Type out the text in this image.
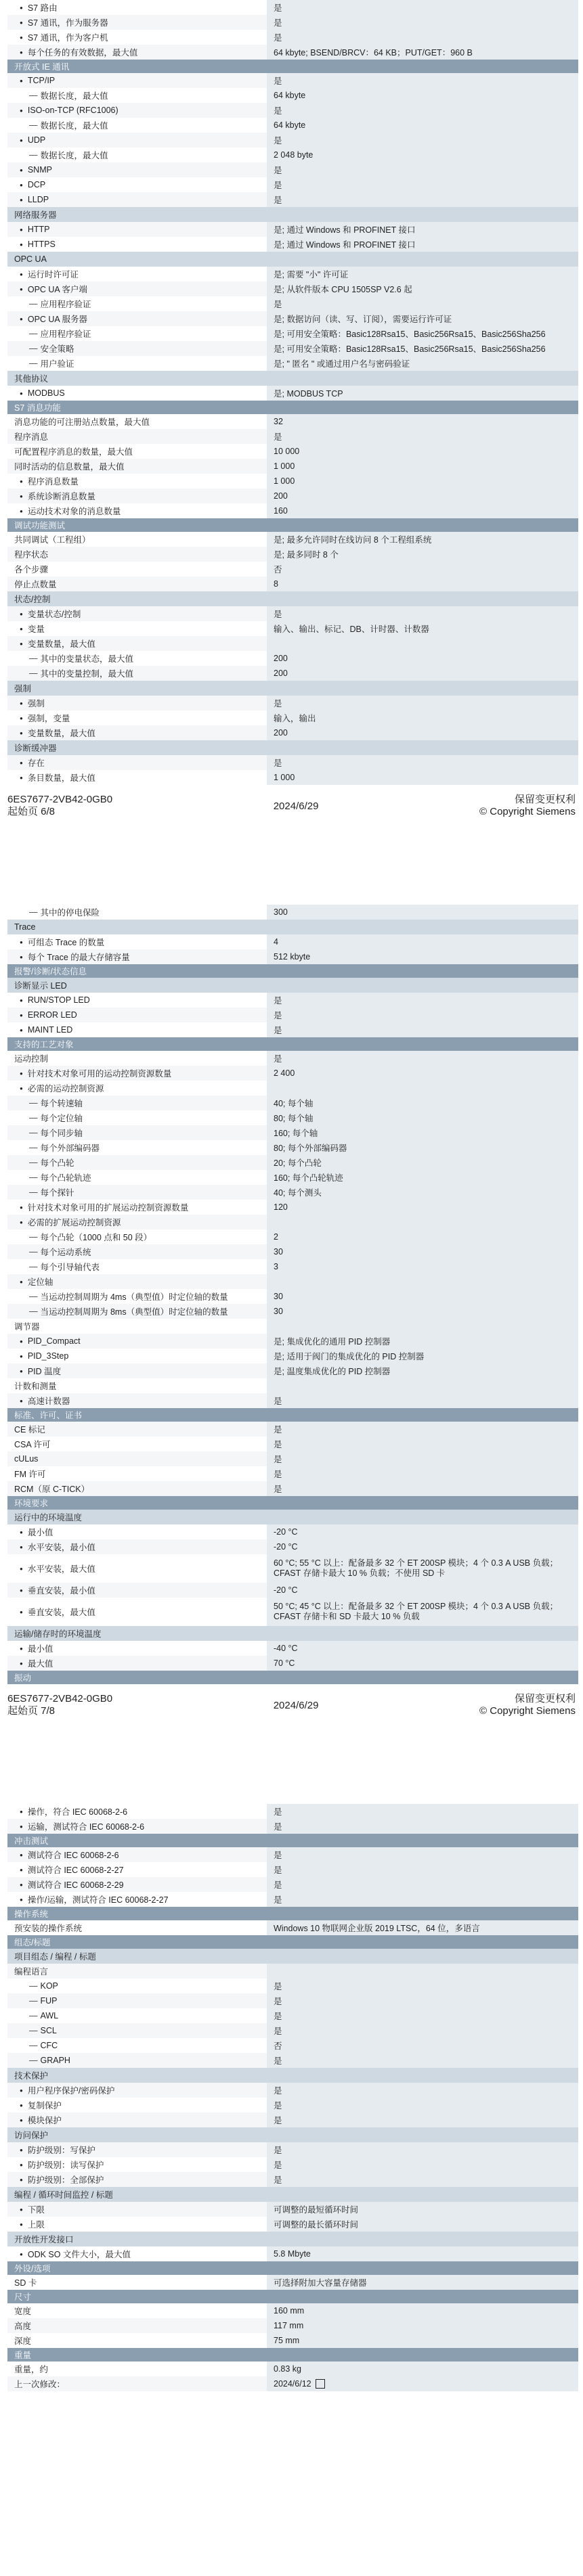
● S7 路由	是
● S7 通讯，作为服务器	是
● S7 通讯，作为客户机	是
● 每个任务的有效数据，最大值	64 kbyte; BSEND/BRCV：64 KB；PUT/GET：960 B
开放式 IE 通讯
● TCP/IP	是
— 数据长度，最大值	64 kbyte
● ISO-on-TCP (RFC1006)	是
— 数据长度，最大值	64 kbyte
● UDP	是
— 数据长度，最大值	2 048 byte
● SNMP	是
● DCP	是
● LLDP	是
网络服务器
● HTTP	是; 通过 Windows 和 PROFINET 接口
● HTTPS	是; 通过 Windows 和 PROFINET 接口
OPC UA
● 运行时许可证	是; 需要 "小" 许可证
● OPC UA 客户端	是; 从软件版本 CPU 1505SP V2.6 起
— 应用程序验证	是
● OPC UA 服务器	是; 数据访问（读、写、订阅），需要运行许可证
— 应用程序验证	是; 可用安全策略：Basic128Rsa15、Basic256Rsa15、Basic256Sha256
— 安全策略	是; 可用安全策略：Basic128Rsa15、Basic256Rsa15、Basic256Sha256
— 用户验证	是; " 匿名 " 或通过用户名与密码验证
其他协议
● MODBUS	是; MODBUS TCP
S7 消息功能
消息功能的可注册站点数量，最大值	32
程序消息	是
可配置程序消息的数量，最大值	10 000
同时活动的信息数量，最大值	1 000
● 程序消息数量	1 000
● 系统诊断消息数量	200
● 运动技术对象的消息数量	160
调试功能测试
共同调试（工程组）	是; 最多允许同时在线访问 8 个工程组系统
程序状态	是; 最多同时 8 个
各个步骤	否
停止点数量	8
状态/控制
● 变量状态/控制	是
● 变量	输入、输出、标记、DB、计时器、计数器
● 变量数量，最大值
— 其中的变量状态，最大值	200
— 其中的变量控制，最大值	200
强制
● 强制	是
● 强制，变量	输入，输出
● 变量数量，最大值	200
诊断缓冲器
● 存在	是
● 条目数量，最大值	1 000
6ES7677-2VB42-0GB0
起始页 6/8	2024/6/29
保留变更权利
© Copyright Siemens
— 其中的停电保险	300
Trace
● 可组态 Trace 的数量	4
● 每个 Trace 的最大存储容量	512 kbyte
报警/诊断/状态信息
诊断显示 LED
● RUN/STOP LED	是
● ERROR LED	是
● MAINT LED	是
支持的工艺对象
运动控制	是
● 针对技术对象可用的运动控制资源数量	2 400
● 必需的运动控制资源
— 每个转速轴	40; 每个轴
— 每个定位轴	80; 每个轴
— 每个同步轴	160; 每个轴
— 每个外部编码器	80; 每个外部编码器
— 每个凸轮	20; 每个凸轮
— 每个凸轮轨迹	160; 每个凸轮轨迹
— 每个探针	40; 每个测头
● 针对技术对象可用的扩展运动控制资源数量	120
● 必需的扩展运动控制资源
— 每个凸轮（1000 点和 50 段）	2
— 每个运动系统	30
— 每个引导轴代表	3
● 定位轴
— 当运动控制周期为 4ms（典型值）时定位轴的数量	30
— 当运动控制周期为 8ms（典型值）时定位轴的数量	30
调节器
● PID_Compact	是; 集成优化的通用 PID 控制器
● PID_3Step	是; 适用于阀门的集成优化的 PID 控制器
● PID 温度	是; 温度集成优化的 PID 控制器
计数和测量
● 高速计数器	是
标准、许可、证书
CE 标记	是
CSA 许可	是
cULus	是
FM 许可	是
RCM（原 C-TICK）	是
环境要求
运行中的环境温度
● 最小值	-20 °C
● 水平安装，最小值	-20 °C
● 水平安装，最大值
60 °C; 55 °C 以上：配备最多 32 个 ET 200SP 模块；4 个 0.3 A USB 负载；CFAST 存储卡最大 10 % 负载；不使用 SD 卡
● 垂直安装，最小值	-20 °C
● 垂直安装，最大值
50 °C; 45 °C 以上：配备最多 32 个 ET 200SP 模块；4 个 0.3 A USB 负载；CFAST 存储卡和 SD 卡最大 10 % 负载
运输/储存时的环境温度
● 最小值	-40 °C
● 最大值	70 °C
振动
6ES7677-2VB42-0GB0
起始页 7/8	2024/6/29
保留变更权利
© Copyright Siemens
● 操作，符合 IEC 60068-2-6	是
● 运输，测试符合 IEC 60068-2-6	是
冲击测试
● 测试符合 IEC 60068-2-6	是
● 测试符合 IEC 60068-2-27	是
● 测试符合 IEC 60068-2-29	是
● 操作/运输，测试符合 IEC 60068-2-27	是
操作系统
预安装的操作系统	Windows 10 物联网企业版 2019 LTSC，64 位，多语言
组态/标题
项目组态 / 编程 / 标题
编程语言
— KOP	是
— FUP	是
— AWL	是
— SCL	是
— CFC	否
— GRAPH	是
技术保护
● 用户程序保护/密码保护	是
● 复制保护	是
● 模块保护	是
访问保护
● 防护级别：写保护	是
● 防护级别：读写保护	是
● 防护级别：全部保护	是
编程 / 循环时间监控 / 标题
● 下限	可调整的最短循环时间
● 上限	可调整的最长循环时间
开放性开发接口
● ODK SO 文件大小，最大值	5.8 Mbyte
外设/选项
SD 卡	可选择附加大容量存储器
尺寸
宽度	160 mm
高度	117 mm
深度	75 mm
重量
重量，约	0.83 kg
上一次修改：	2024/6/12
